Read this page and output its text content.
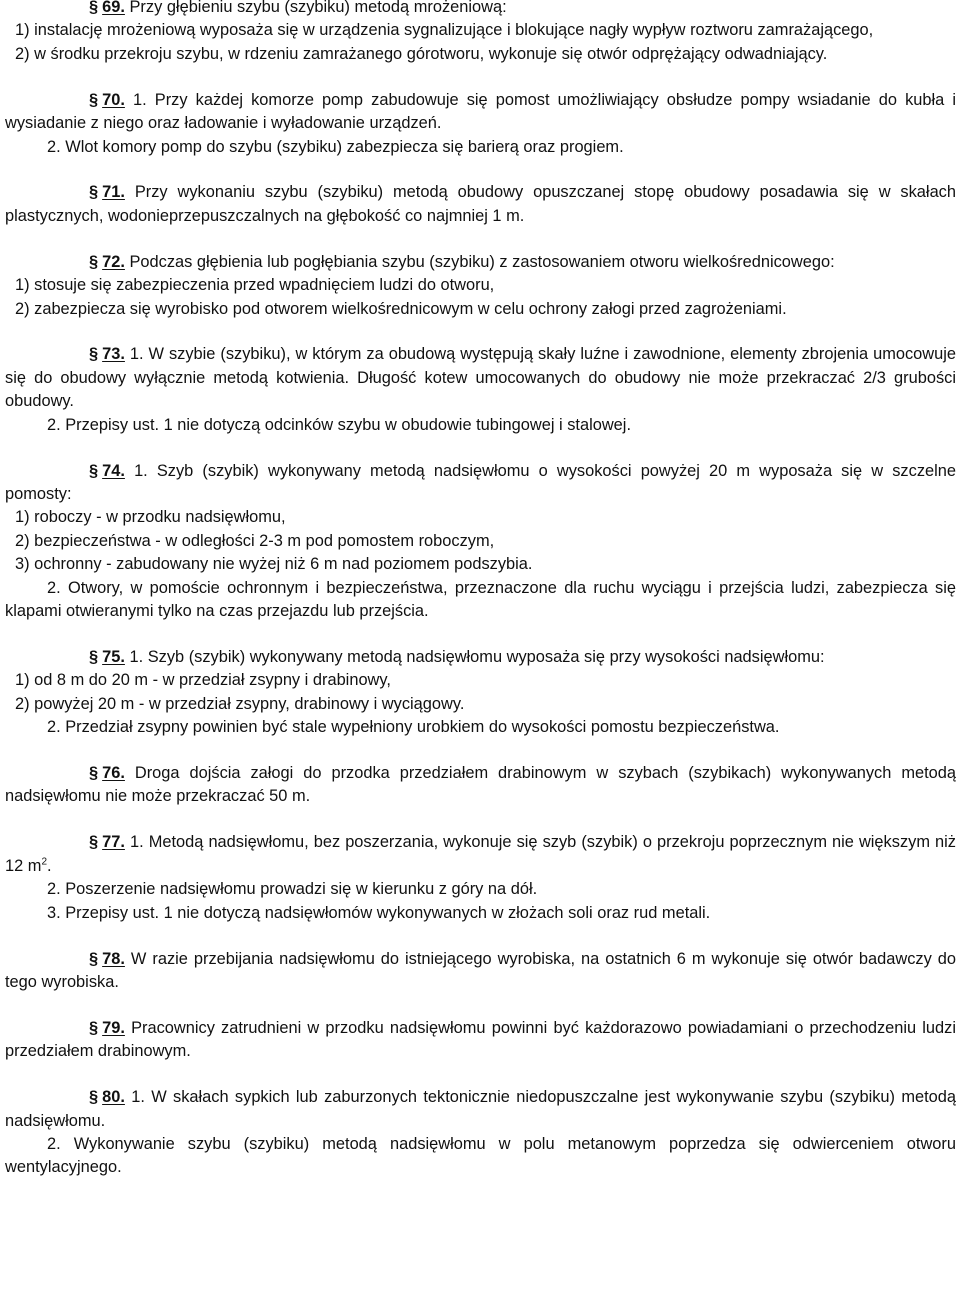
§ 69. Przy głębieniu szybu (szybiku) metodą mrożeniową:

1) instalację mrożeniową wyposaża się w urządzenia sygnalizujące i blokujące nagły wypływ roztworu zamrażającego,

2) w środku przekroju szybu, w rdzeniu zamrażanego górotworu, wykonuje się otwór odprężający odwadniający.

§ 70. 1. Przy każdej komorze pomp zabudowuje się pomost umożliwiający obsłudze pompy wsiadanie do kubła i wysiadanie z niego oraz ładowanie i wyładowanie urządzeń.

2. Wlot komory pomp do szybu (szybiku) zabezpiecza się barierą oraz progiem.

§ 71. Przy wykonaniu szybu (szybiku) metodą obudowy opuszczanej stopę obudowy posadawia się w skałach plastycznych, wodonieprzepuszczalnych na głębokość co najmniej 1 m.

§ 72. Podczas głębienia lub pogłębiania szybu (szybiku) z zastosowaniem otworu wielkośrednicowego:

1) stosuje się zabezpieczenia przed wpadnięciem ludzi do otworu,

2) zabezpiecza się wyrobisko pod otworem wielkośrednicowym w celu ochrony załogi przed zagrożeniami.

§ 73. 1. W szybie (szybiku), w którym za obudową występują skały luźne i zawodnione, elementy zbrojenia umocowuje się do obudowy wyłącznie metodą kotwienia. Długość kotew umocowanych do obudowy nie może przekraczać 2/3 grubości obudowy.

2. Przepisy ust. 1 nie dotyczą odcinków szybu w obudowie tubingowej i stalowej.

§ 74. 1. Szyb (szybik) wykonywany metodą nadsięwłomu o wysokości powyżej 20 m wyposaża się w szczelne pomosty:

1) roboczy - w przodku nadsięwłomu,

2) bezpieczeństwa - w odległości 2-3 m pod pomostem roboczym,

3) ochronny - zabudowany nie wyżej niż 6 m nad poziomem podszybia.

2. Otwory, w pomoście ochronnym i bezpieczeństwa, przeznaczone dla ruchu wyciągu i przejścia ludzi, zabezpiecza się klapami otwieranymi tylko na czas przejazdu lub przejścia.

§ 75. 1. Szyb (szybik) wykonywany metodą nadsięwłomu wyposaża się przy wysokości nadsięwłomu:

1) od 8 m do 20 m - w przedział zsypny i drabinowy,

2) powyżej 20 m - w przedział zsypny, drabinowy i wyciągowy.

2. Przedział zsypny powinien być stale wypełniony urobkiem do wysokości pomostu bezpieczeństwa.

§ 76. Droga dojścia załogi do przodka przedziałem drabinowym w szybach (szybikach) wykonywanych metodą nadsięwłomu nie może przekraczać 50 m.

§ 77. 1. Metodą nadsięwłomu, bez poszerzania, wykonuje się szyb (szybik) o przekroju poprzecznym nie większym niż 12 $m^2$.

2. Poszerzenie nadsięwłomu prowadzi się w kierunku z góry na dół.

3. Przepisy ust. 1 nie dotyczą nadsięwłomów wykonywanych w złożach soli oraz rud metali.

§ 78. W razie przebijania nadsięwłomu do istniejącego wyrobiska, na ostatnich 6 m wykonuje się otwór badawczy do tego wyrobiska.

§ 79. Pracownicy zatrudnieni w przodku nadsięwłomu powinni być każdorazowo powiadamiani o przechodzeniu ludzi przedziałem drabinowym.

§ 80. 1. W skałach sypkich lub zaburzonych tektonicznie niedopuszczalne jest wykonywanie szybu (szybiku) metodą nadsięwłomu.

2. Wykonywanie szybu (szybiku) metodą nadsięwłomu w polu metanowym poprzedza się odwierceniem otworu wentylacyjnego.
